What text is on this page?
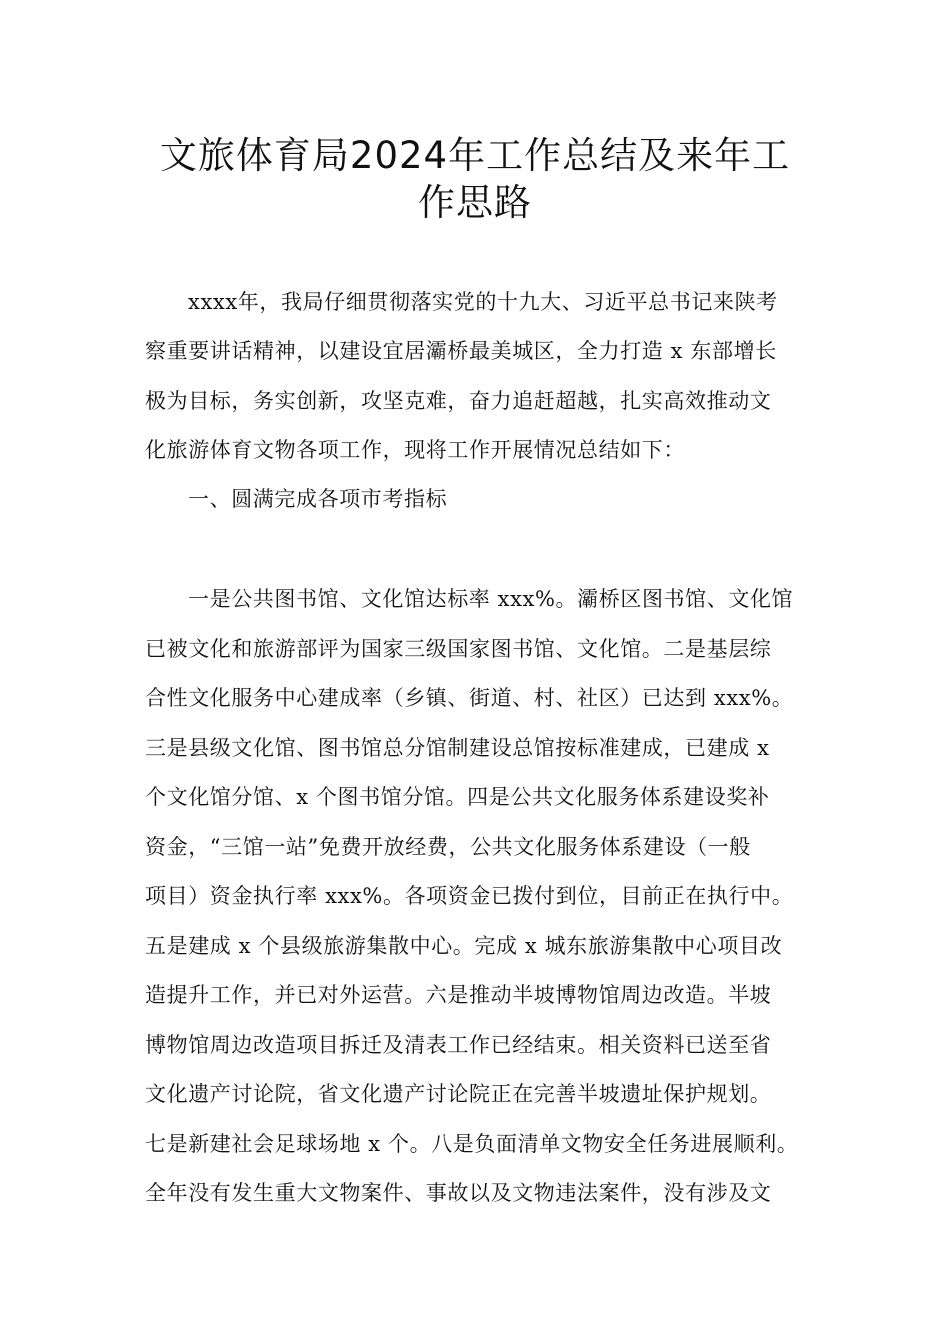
文旅体育局2024年工作总结及来年工
作思路

xxxx年，我局仔细贯彻落实党的十九大、习近平总书记来陕考

察重要讲话精神，以建设宜居灞桥最美城区，全力打造 x 东部增长

极为目标，务实创新，攻坚克难，奋力追赶超越，扎实高效推动文

化旅游体育文物各项工作，现将工作开展情况总结如下：

一、圆满完成各项市考指标

一是公共图书馆、文化馆达标率 xxx%。灞桥区图书馆、文化馆

已被文化和旅游部评为国家三级国家图书馆、文化馆。二是基层综

合性文化服务中心建成率（乡镇、街道、村、社区）已达到 xxx%。

三是县级文化馆、图书馆总分馆制建设总馆按标准建成，已建成 x

个文化馆分馆、x 个图书馆分馆。四是公共文化服务体系建设奖补

资金，“三馆一站”免费开放经费，公共文化服务体系建设（一般

项目）资金执行率 xxx%。各项资金已拨付到位，目前正在执行中。

五是建成 x 个县级旅游集散中心。完成 x 城东旅游集散中心项目改

造提升工作，并已对外运营。六是推动半坡博物馆周边改造。半坡

博物馆周边改造项目拆迁及清表工作已经结束。相关资料已送至省

文化遗产讨论院，省文化遗产讨论院正在完善半坡遗址保护规划。

七是新建社会足球场地 x 个。八是负面清单文物安全任务进展顺利。

全年没有发生重大文物案件、事故以及文物违法案件，没有涉及文
